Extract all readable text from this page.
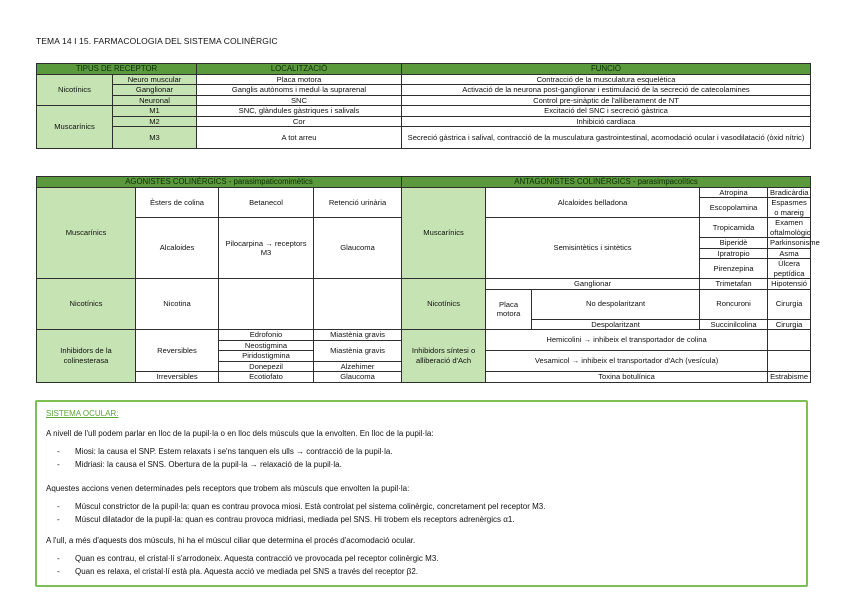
TEMA 14 I 15. FARMACOLOGIA DEL SISTEMA COLINÈRGIC
TIPUS DE RECEPTOR		LOCALITZACIÓ	FUNCIÓ
Nicotínics	Neuro muscular	Placa motora	Contracció de la musculatura esquelètica
	Ganglionar	Ganglis autònoms i medul·la suprarenal	Activació de la neurona post-ganglionar i estimulació de la secreció de catecolamines
	Neuronal	SNC	Control pre-sinàptic de l'alliberament de NT
Muscarínics	M1	SNC, glàndules gàstriques i salivals	Excitació del SNC i secreció gàstrica
	M2	Cor	Inhibició cardíaca
	M3	A tot arreu	Secreció gàstrica i salival, contracció de la musculatura gastrointestinal, acomodació ocular i vasodilatació (òxid nítric)
AGONISTES COLINÈRGICS - parasimpaticomimètics				ANTAGONISTES COLINÈRGICS - parasimpacolítics				
Muscarínics	Èsters de colina	Betanecol	Retenció urinària	Muscarínics	Alcaloides belladona		Atropina	Bradicàrdia
							Escopolamina	Espasmes o mareig

	Alcaloides	Pilocarpina → receptors M3	Glaucoma		Semisintètics i sintètics		Tropicamida	Examen oftalmològic

							Biperidè	Parkinsonisme
							Ipratropio	Asma
							Pirenzepina	Úlcera peptídica
Nicotínics	Nicotina			Nicotínics	Ganglionar		Trimetafan	Hipotensió
					Placa motora	No despolaritzant	Roncuroni	Cirurgia

						Despolaritzant	Succinilcolina	Cirurgia
Inhibidors de la colinesterasa	Reversibles	Edrofonio	Miastènia gravis	Inhibidors síntesi o alliberació d'Ach	Hemicolini → inhibeix el transportador de colina			
		Neostigmina	Miastènia gravis					
		Piridostigmina			Vesamicol → inhibeix el transportador d'Ach (vesícula)			
		Donepezil	Alzehimer					
	Irreversibles	Ecotiofato	Glaucoma		Toxina botulínica			Estrabisme

SISTEMA OCULAR:

A nivell de l'ull podem parlar en lloc de la pupil·la o en lloc dels músculs que la envolten. En lloc de la pupil·la:

- Miosi: la causa el SNP. Estem relaxats i se'ns tanquen els ulls → contracció de la pupil·la.
- Midriasi: la causa el SNS. Obertura de la pupil·la → relaxació de la pupil·la.

Aquestes accions venen determinades pels receptors que trobem als músculs que envolten la pupil·la:

- Múscul constrictor de la pupil·la: quan es contrau provoca miosi. Està controlat pel sistema colinèrgic, concretament pel receptor M3.
- Múscul dilatador de la pupil·la: quan es contrau provoca midriasi, mediada pel SNS. Hi trobem els receptors adrenèrgics α1.

A l'ull, a més d'aquests dos músculs, hi ha el múscul ciliar que determina el procés d'acomodació ocular.

- Quan es contrau, el cristal·lí s'arrodoneix. Aquesta contracció ve provocada pel receptor colinèrgic M3.
- Quan es relaxa, el cristal·lí està pla. Aquesta acció ve mediada pel SNS a través del receptor β2.
